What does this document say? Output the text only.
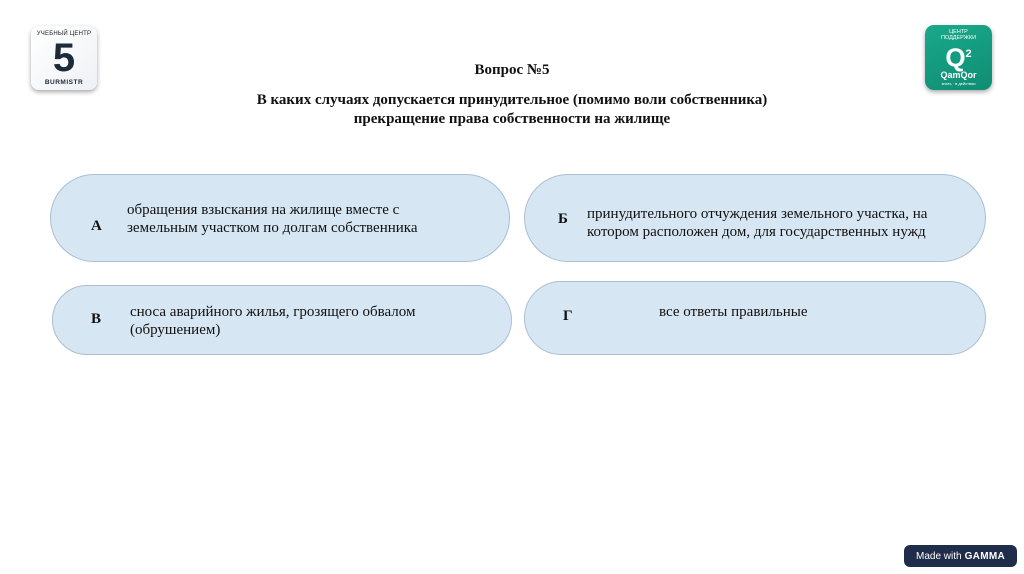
УЧЕБНЫЙ ЦЕНТР
5
BURMISTR
ЦЕНТР
ПОДДЕРЖКИ
$Q^2$
QamQor
знать · в действии
Вопрос №5
В каких случаях допускается принудительное (помимо воли собственника)
прекращение права собственности на жилище
А
обращения взыскания на жилище вместе с
земельным участком по долгам собственника
Б принудительного отчуждения земельного участка, на
котором расположен дом, для государственных нужд
В сноса аварийного жилья, грозящего обвалом
(обрушением)
Г	все ответы правильные
Made with GAMMA
